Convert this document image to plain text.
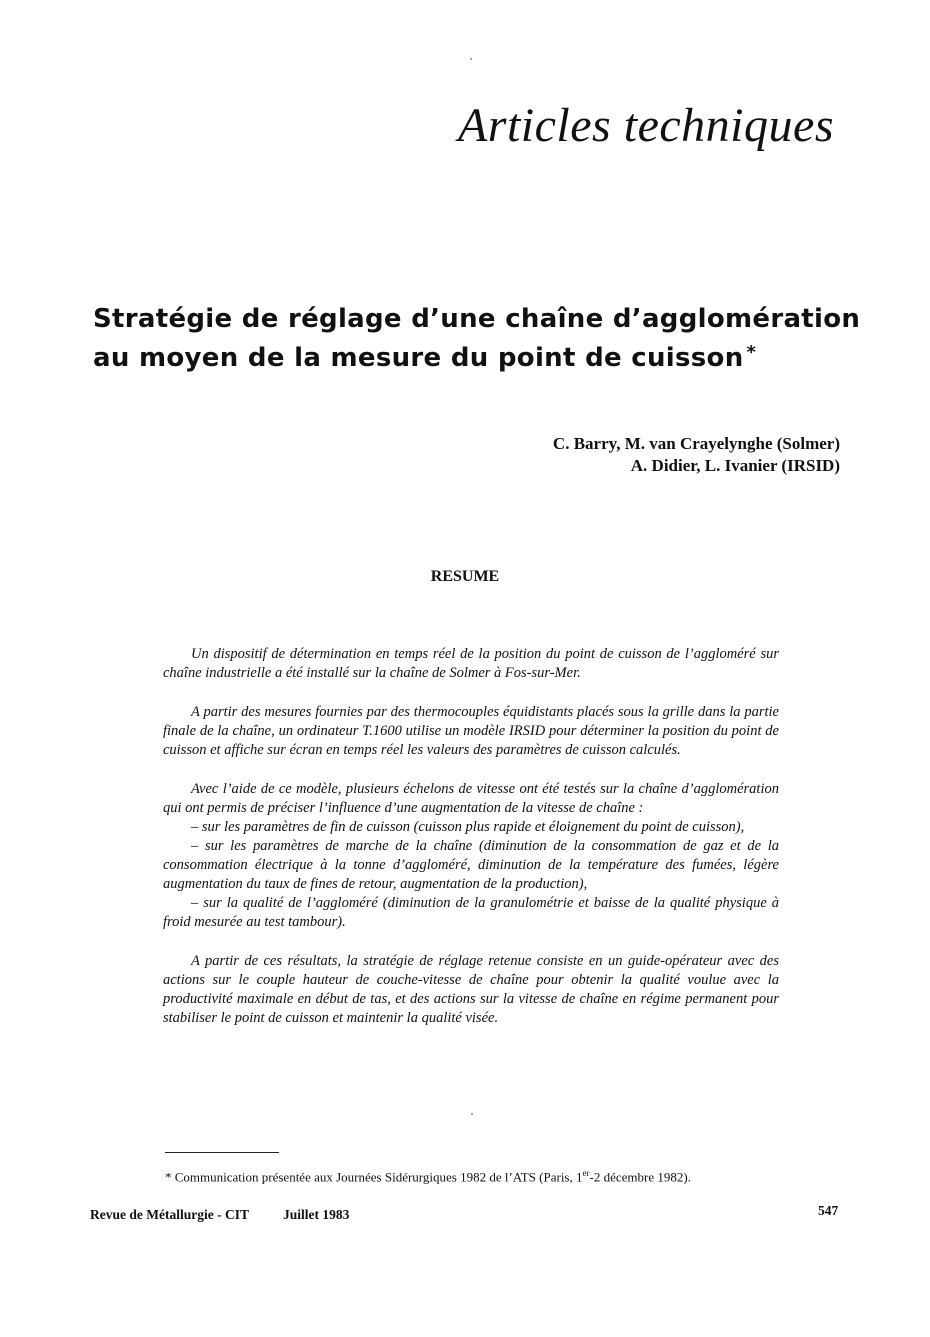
Articles techniques
Stratégie de réglage d’une chaîne d’agglomération
au moyen de la mesure du point de cuisson *
C. Barry, M. van Crayelynghe (Solmer)
A. Didier, L. Ivanier (IRSID)
RESUME

Un dispositif de détermination en temps réel de la position du point de cuisson de l’aggloméré sur chaîne industrielle a été installé sur la chaîne de Solmer à Fos-sur-Mer.

A partir des mesures fournies par des thermocouples équidistants placés sous la grille dans la partie finale de la chaîne, un ordinateur T.1600 utilise un modèle IRSID pour déterminer la position du point de cuisson et affiche sur écran en temps réel les valeurs des paramètres de cuisson calculés.

Avec l’aide de ce modèle, plusieurs échelons de vitesse ont été testés sur la chaîne d’agglomération qui ont permis de préciser l’influence d’une augmentation de la vitesse de chaîne :

– sur les paramètres de fin de cuisson (cuisson plus rapide et éloignement du point de cuisson),

– sur les paramètres de marche de la chaîne (diminution de la consommation de gaz et de la consommation électrique à la tonne d’aggloméré, diminution de la température des fumées, légère augmentation du taux de fines de retour, augmentation de la production),

– sur la qualité de l’aggloméré (diminution de la granulométrie et baisse de la qualité physique à froid mesurée au test tambour).

A partir de ces résultats, la stratégie de réglage retenue consiste en un guide-opérateur avec des actions sur le couple hauteur de couche-vitesse de chaîne pour obtenir la qualité voulue avec la productivité maximale en début de tas, et des actions sur la vitesse de chaîne en régime permanent pour stabiliser le point de cuisson et maintenir la qualité visée.

* Communication présentée aux Journées Sidérurgiques 1982 de l’ATS (Paris, 1er-2 décembre 1982).
Revue de Métallurgie - CIT	Juillet 1983	547
